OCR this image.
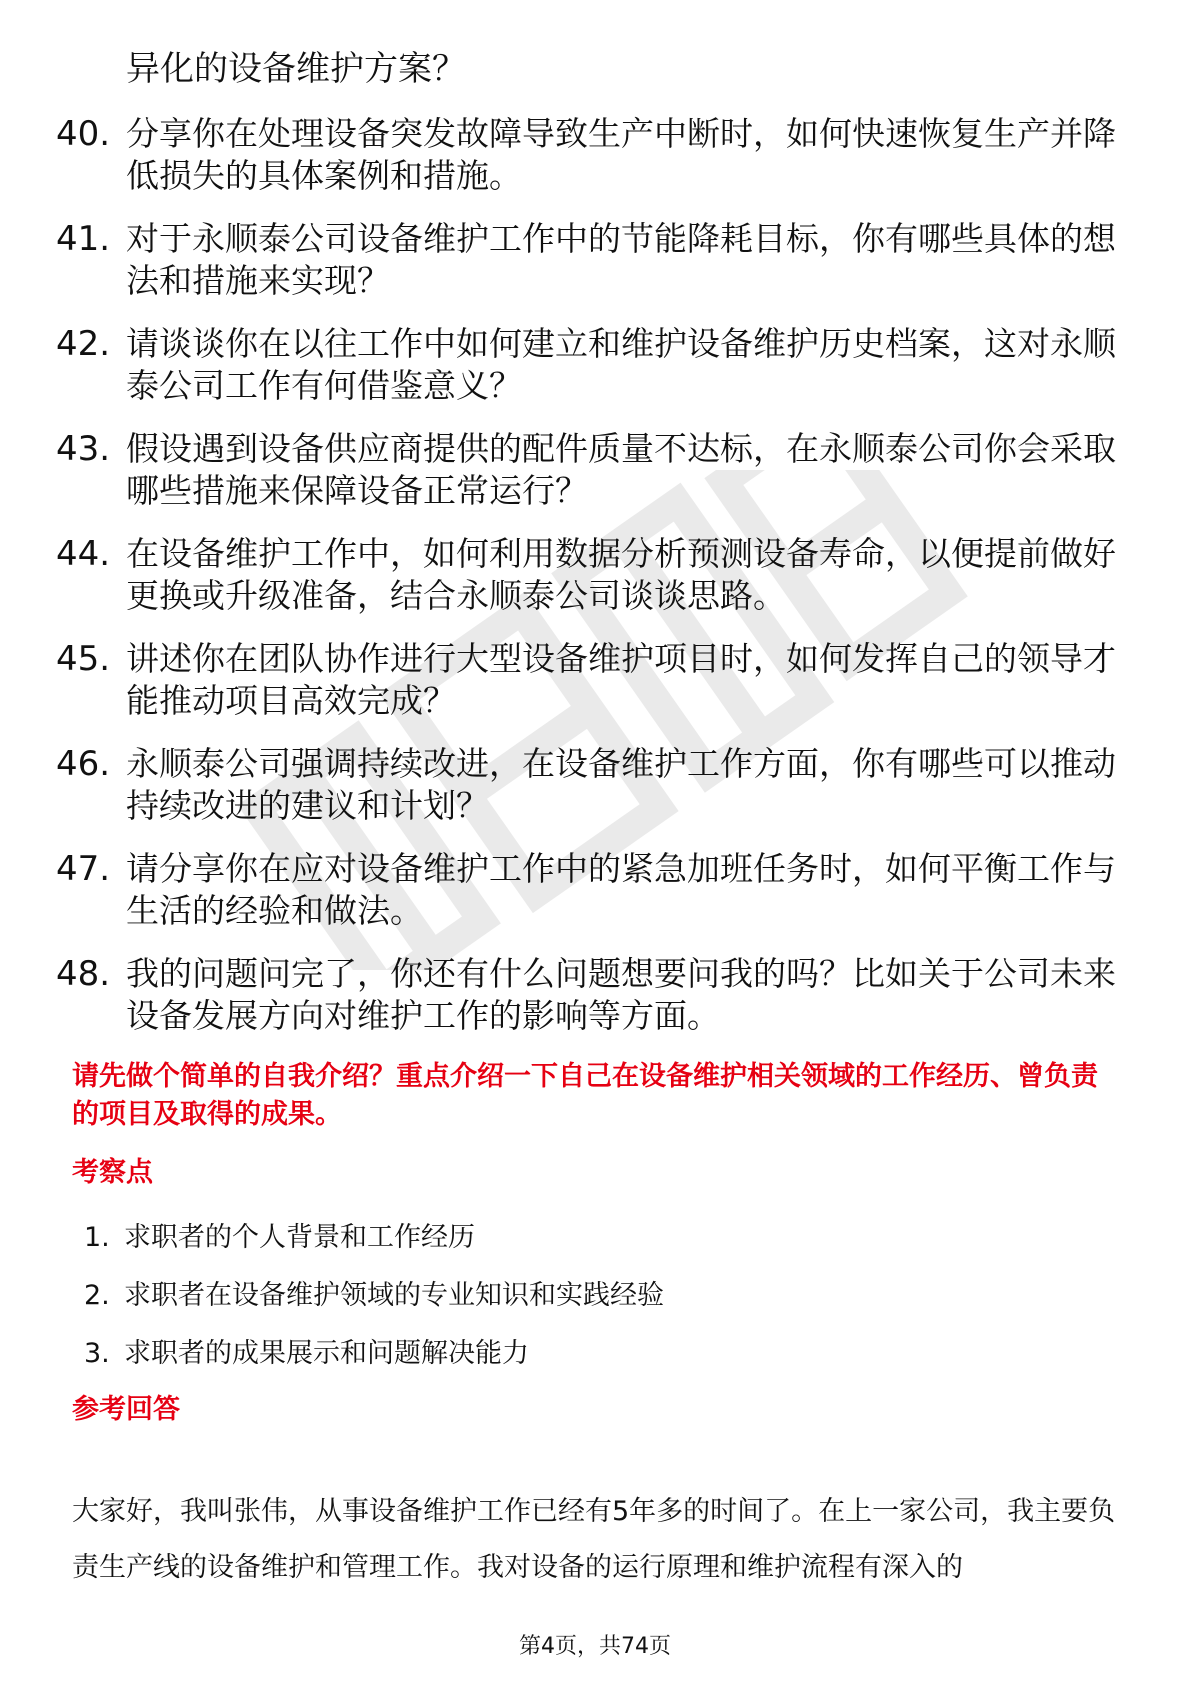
异化的设备维护方案？
40. 分享你在处理设备突发故障导致生产中断时，如何快速恢复生产并降低损失的具体案例和措施。
41. 对于永顺泰公司设备维护工作中的节能降耗目标，你有哪些具体的想法和措施来实现？
42. 请谈谈你在以往工作中如何建立和维护设备维护历史档案，这对永顺泰公司工作有何借鉴意义？
43. 假设遇到设备供应商提供的配件质量不达标，在永顺泰公司你会采取哪些措施来保障设备正常运行？
44. 在设备维护工作中，如何利用数据分析预测设备寿命，以便提前做好更换或升级准备，结合永顺泰公司谈谈思路。
45. 讲述你在团队协作进行大型设备维护项目时，如何发挥自己的领导才能推动项目高效完成？
46. 永顺泰公司强调持续改进，在设备维护工作方面，你有哪些可以推动持续改进的建议和计划？
47. 请分享你在应对设备维护工作中的紧急加班任务时，如何平衡工作与生活的经验和做法。
48. 我的问题问完了，你还有什么问题想要问我的吗？比如关于公司未来设备发展方向对维护工作的影响等方面。
请先做个简单的自我介绍？重点介绍一下自己在设备维护相关领域的工作经历、曾负责的项目及取得的成果。
考察点
1. 求职者的个人背景和工作经历
2. 求职者在设备维护领域的专业知识和实践经验
3. 求职者的成果展示和问题解决能力
参考回答
大家好，我叫张伟，从事设备维护工作已经有5年多的时间了。在上一家公司，我主要负责生产线的设备维护和管理工作。我对设备的运行原理和维护流程有深入的
第4页，共74页
